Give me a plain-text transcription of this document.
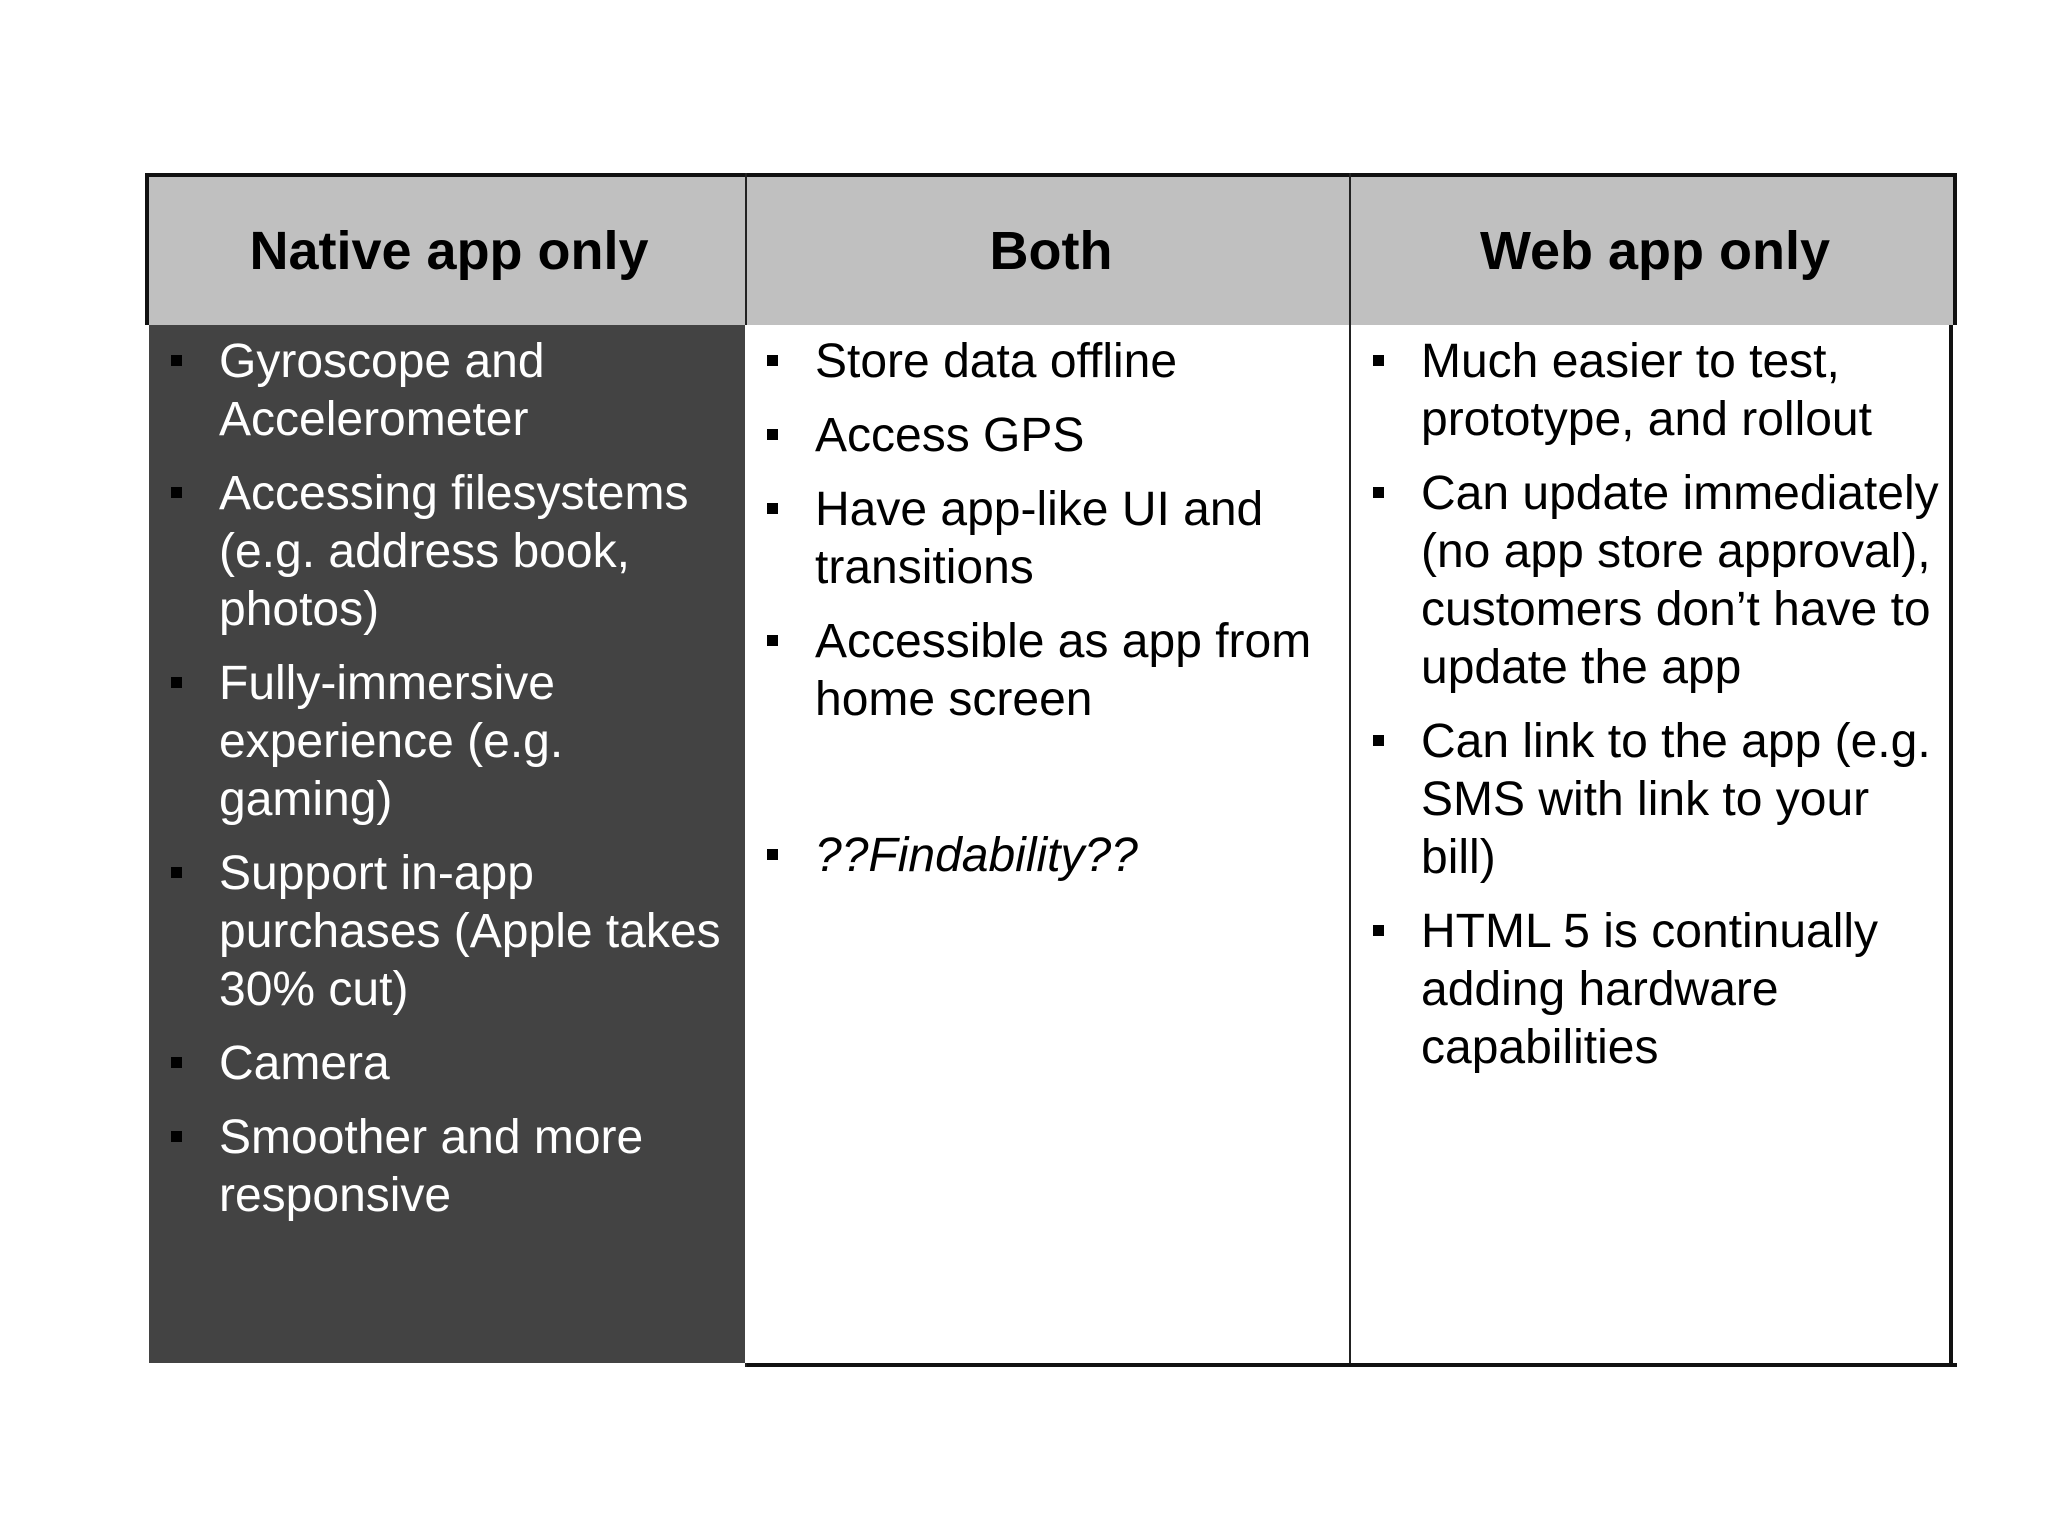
Native app only	Both	Web app only
Gyroscope and Accelerometer
Accessing filesystems (e.g. address book, photos)
Fully-immersive experience (e.g. gaming)
Support in-app purchases (Apple takes 30% cut)
Camera
Smoother and more responsive
Store data offline
Access GPS
Have app-like UI and transitions
Accessible as app from home screen
??Findability??
Much easier to test, prototype, and rollout
Can update immediately (no app store approval), customers don’t have to update the app
Can link to the app (e.g. SMS with link to your bill)
HTML 5 is continually adding hardware capabilities
